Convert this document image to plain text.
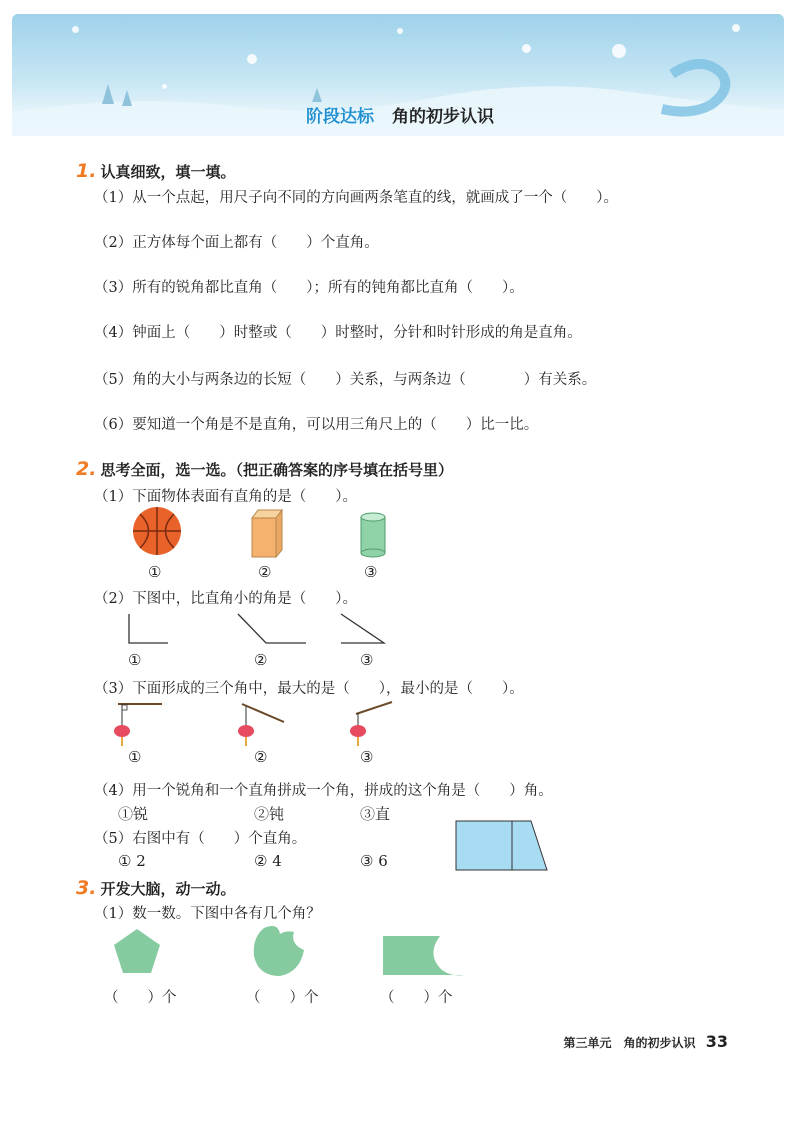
阶段达标 角的初步认识
1. 认真细致，填一填。
（1）从一个点起，用尺子向不同的方向画两条笔直的线，就画成了一个（　　）。
（2）正方体每个面上都有（　　）个直角。
（3）所有的锐角都比直角（　　）；所有的钝角都比直角（　　）。
（4）钟面上（　　）时整或（　　）时整时，分针和时针形成的角是直角。
（5）角的大小与两条边的长短（　　）关系，与两条边（　　　　）有关系。
（6）要知道一个角是不是直角，可以用三角尺上的（　　）比一比。
2. 思考全面，选一选。（把正确答案的序号填在括号里）
（1）下面物体表面有直角的是（　　）。
①	②	③
（2）下图中，比直角小的角是（　　）。
①	②	③
（3）下面形成的三个角中，最大的是（　　），最小的是（　　）。
①	②	③
（4）用一个锐角和一个直角拼成一个角，拼成的这个角是（　　）角。
①锐	②钝	③直
（5）右图中有（　　）个直角。
① 2	② 4	③ 6
3. 开发大脑，动一动。
（1）数一数。下图中各有几个角？
（　　）个	（　　）个	（　　）个
第三单元　角的初步认识 33
